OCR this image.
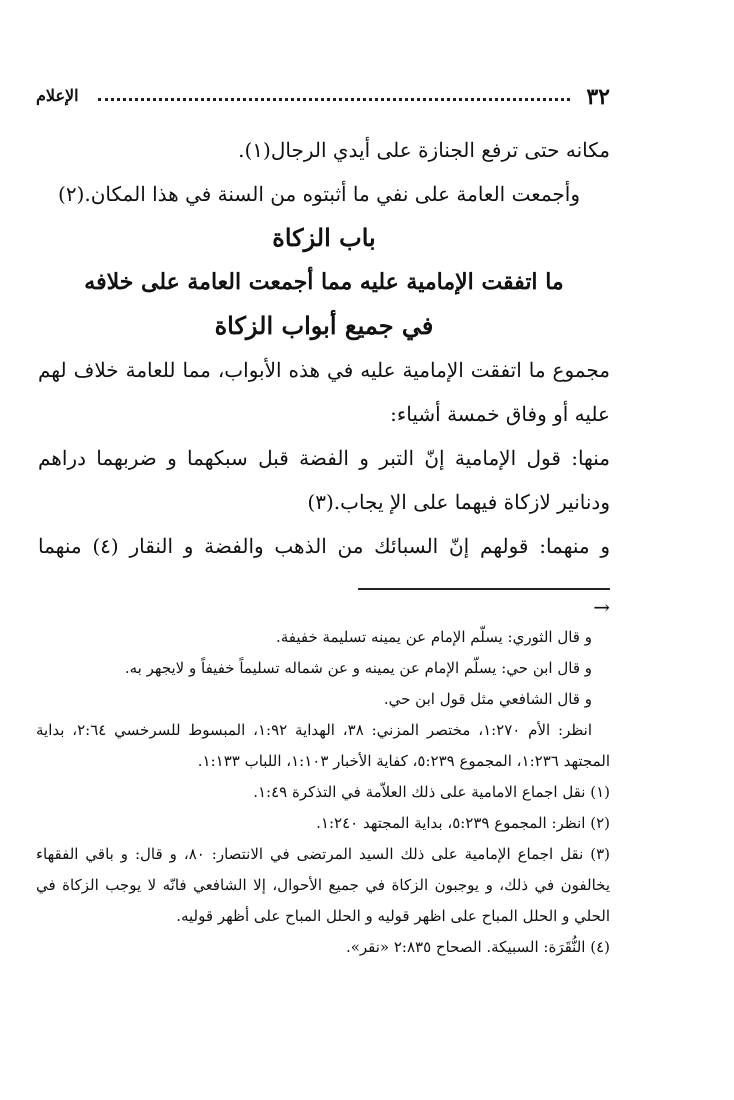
٣٢
الإعلام
مكانه حتى ترفع الجنازة على أيدي الرجال(١).
وأجمعت العامة على نفي ما أثبتوه من السنة في هذا المكان.(٢)
باب الزكاة
ما اتفقت الإمامية عليه مما أجمعت العامة على خلافه
في جميع أبواب الزكاة
مجموع ما اتفقت الإمامية عليه في هذه الأبواب، مما للعامة خلاف لهم
عليه أو وفاق خمسة أشياء:
منها: قول الإمامية إنّ التبر و الفضة قبل سبكهما و ضربهما دراهم
ودنانير لازكاة فيهما على الإ يجاب.(٣)
و منهما: قولهم إنّ السبائك من الذهب والفضة و النقار (٤) منهما
→
و قال الثوري: يسلّم الإمام عن يمينه تسليمة خفيفة.
و قال ابن حي: يسلّم الإمام عن يمينه و عن شماله تسليماً خفيفاً و لايجهر به.
و قال الشافعي مثل قول ابن حي.
انظر: الأم ١:٢٧٠، مختصر المزني: ٣٨، الهداية ١:٩٢، المبسوط للسرخسي ٢:٦٤، بداية
المجتهد ١:٢٣٦، المجموع ٥:٢٣٩، كفاية الأخبار ١:١٠٣، اللباب ١:١٣٣.
(١) نقل اجماع الامامية على ذلك العلاّمة في التذكرة ١:٤٩.
(٢) انظر: المجموع ٥:٢٣٩، بداية المجتهد ١:٢٤٠.
(٣) نقل اجماع الإمامية على ذلك السيد المرتضى في الانتصار: ٨٠، و قال: و باقي الفقهاء
يخالفون في ذلك، و يوجبون الزكاة في جميع الأحوال، إلا الشافعي فانّه لا يوجب الزكاة في
الحلي و الحلل المباح على اظهر قوليه و الحلل المباح على أظهر قوليه.
(٤) النُّقَرَة: السبيكة. الصحاح ٢:٨٣٥ «نقر».
